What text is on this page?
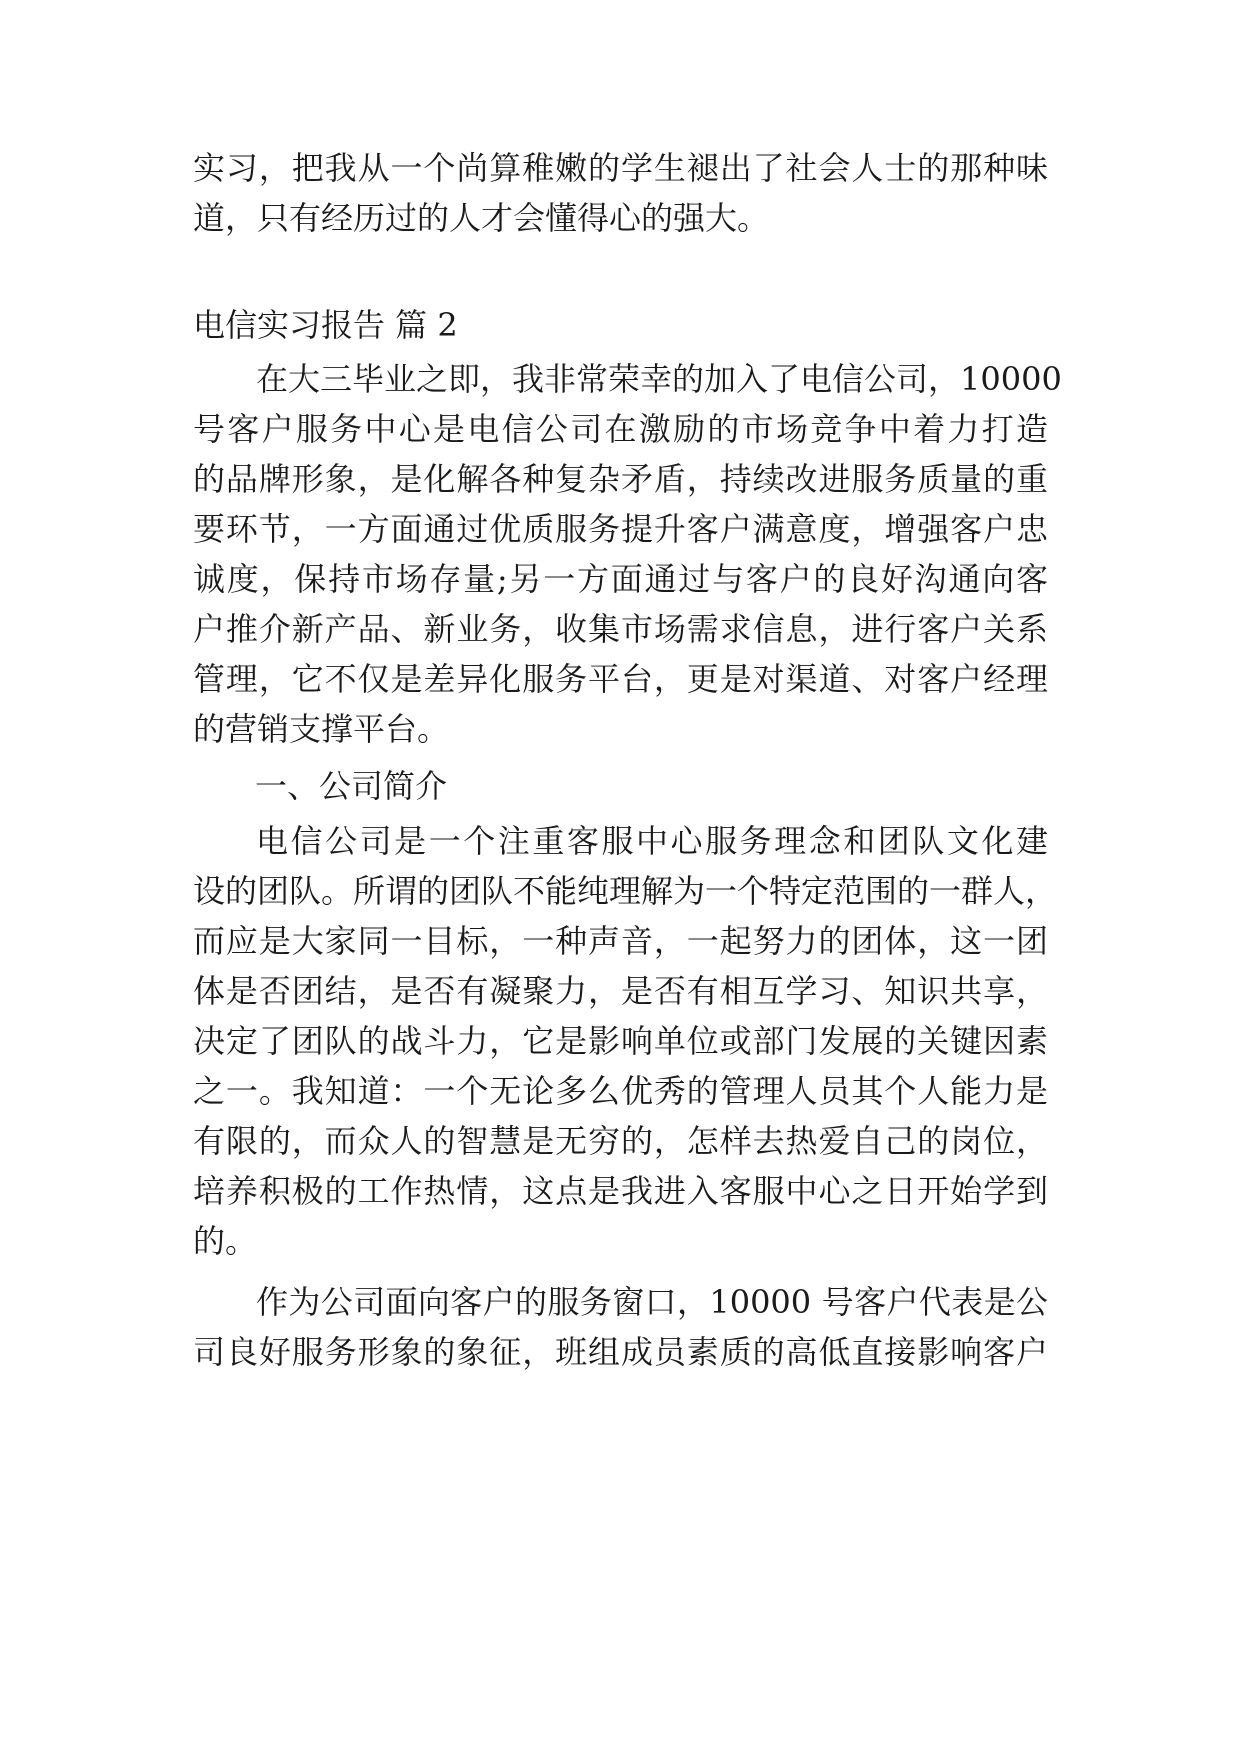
实习，把我从一个尚算稚嫩的学生褪出了社会人士的那种味
道，只有经历过的人才会懂得心的强大。
电信实习报告 篇 2
在大三毕业之即，我非常荣幸的加入了电信公司，10000
号客户服务中心是电信公司在激励的市场竞争中着力打造
的品牌形象，是化解各种复杂矛盾，持续改进服务质量的重
要环节，一方面通过优质服务提升客户满意度，增强客户忠
诚度，保持市场存量;另一方面通过与客户的良好沟通向客
户推介新产品、新业务，收集市场需求信息，进行客户关系
管理，它不仅是差异化服务平台，更是对渠道、对客户经理
的营销支撑平台。
一、公司简介
电信公司是一个注重客服中心服务理念和团队文化建
设的团队。所谓的团队不能纯理解为一个特定范围的一群人，
而应是大家同一目标，一种声音，一起努力的团体，这一团
体是否团结，是否有凝聚力，是否有相互学习、知识共享，
决定了团队的战斗力，它是影响单位或部门发展的关键因素
之一。我知道：一个无论多么优秀的管理人员其个人能力是
有限的，而众人的智慧是无穷的，怎样去热爱自己的岗位，
培养积极的工作热情，这点是我进入客服中心之日开始学到
的。
作为公司面向客户的服务窗口，10000 号客户代表是公
司良好服务形象的象征，班组成员素质的高低直接影响客户
